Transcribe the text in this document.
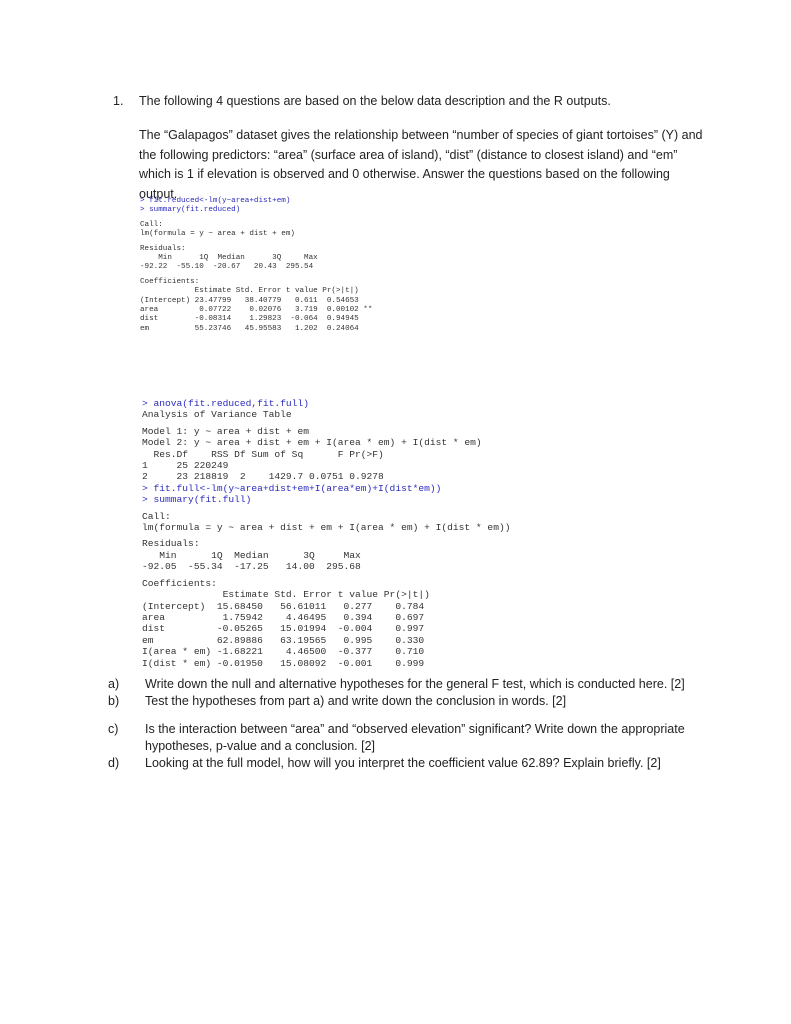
1. The following 4 questions are based on the below data description and the R outputs.

The “Galapagos” dataset gives the relationship between “number of species of giant tortoises” (Y) and the following predictors: “area” (surface area of island), “dist” (distance to closest island) and “em” which is 1 if elevation is observed and 0 otherwise. Answer the questions based on the following output.

> fit.reduced<-lm(y~area+dist+em)
> summary(fit.reduced)
Call:
lm(formula = y ~ area + dist + em)
Residuals:
Min      1Q  Median      3Q     Max
-92.22  -55.10  -20.67   20.43  295.54
Coefficients:
Estimate Std. Error t value Pr(>|t|)
(Intercept) 23.47799   38.40779   0.611  0.54653
area         0.07722    0.02076   3.719  0.00102 **
dist        -0.08314    1.29823  -0.064  0.94945
em          55.23746   45.95583   1.202  0.24064
> anova(fit.reduced,fit.full)
Analysis of Variance Table
Model 1: y ~ area + dist + em
Model 2: y ~ area + dist + em + I(area * em) + I(dist * em)
Res.Df    RSS Df Sum of Sq      F Pr(>F)
1     25 220249
2     23 218819  2    1429.7 0.0751 0.9278
> fit.full<-lm(y~area+dist+em+I(area*em)+I(dist*em))
> summary(fit.full)
Call:
lm(formula = y ~ area + dist + em + I(area * em) + I(dist * em))
Residuals:
Min      1Q  Median      3Q     Max
-92.05  -55.34  -17.25   14.00  295.68
Coefficients:
Estimate Std. Error t value Pr(>|t|)
(Intercept)  15.68450   56.61011   0.277    0.784
area          1.75942    4.46495   0.394    0.697
dist         -0.05265   15.01994  -0.004    0.997
em           62.89886   63.19565   0.995    0.330
I(area * em) -1.68221    4.46500  -0.377    0.710
I(dist * em) -0.01950   15.08092  -0.001    0.999
a)	Write down the null and alternative hypotheses for the general F test, which is conducted here. [2]
b)	Test the hypotheses from part a) and write down the conclusion in words. [2]
c)	Is the interaction between “area” and “observed elevation” significant? Write down the appropriate hypotheses, p-value and a conclusion. [2]
d)	Looking at the full model, how will you interpret the coefficient value 62.89? Explain briefly. [2]
